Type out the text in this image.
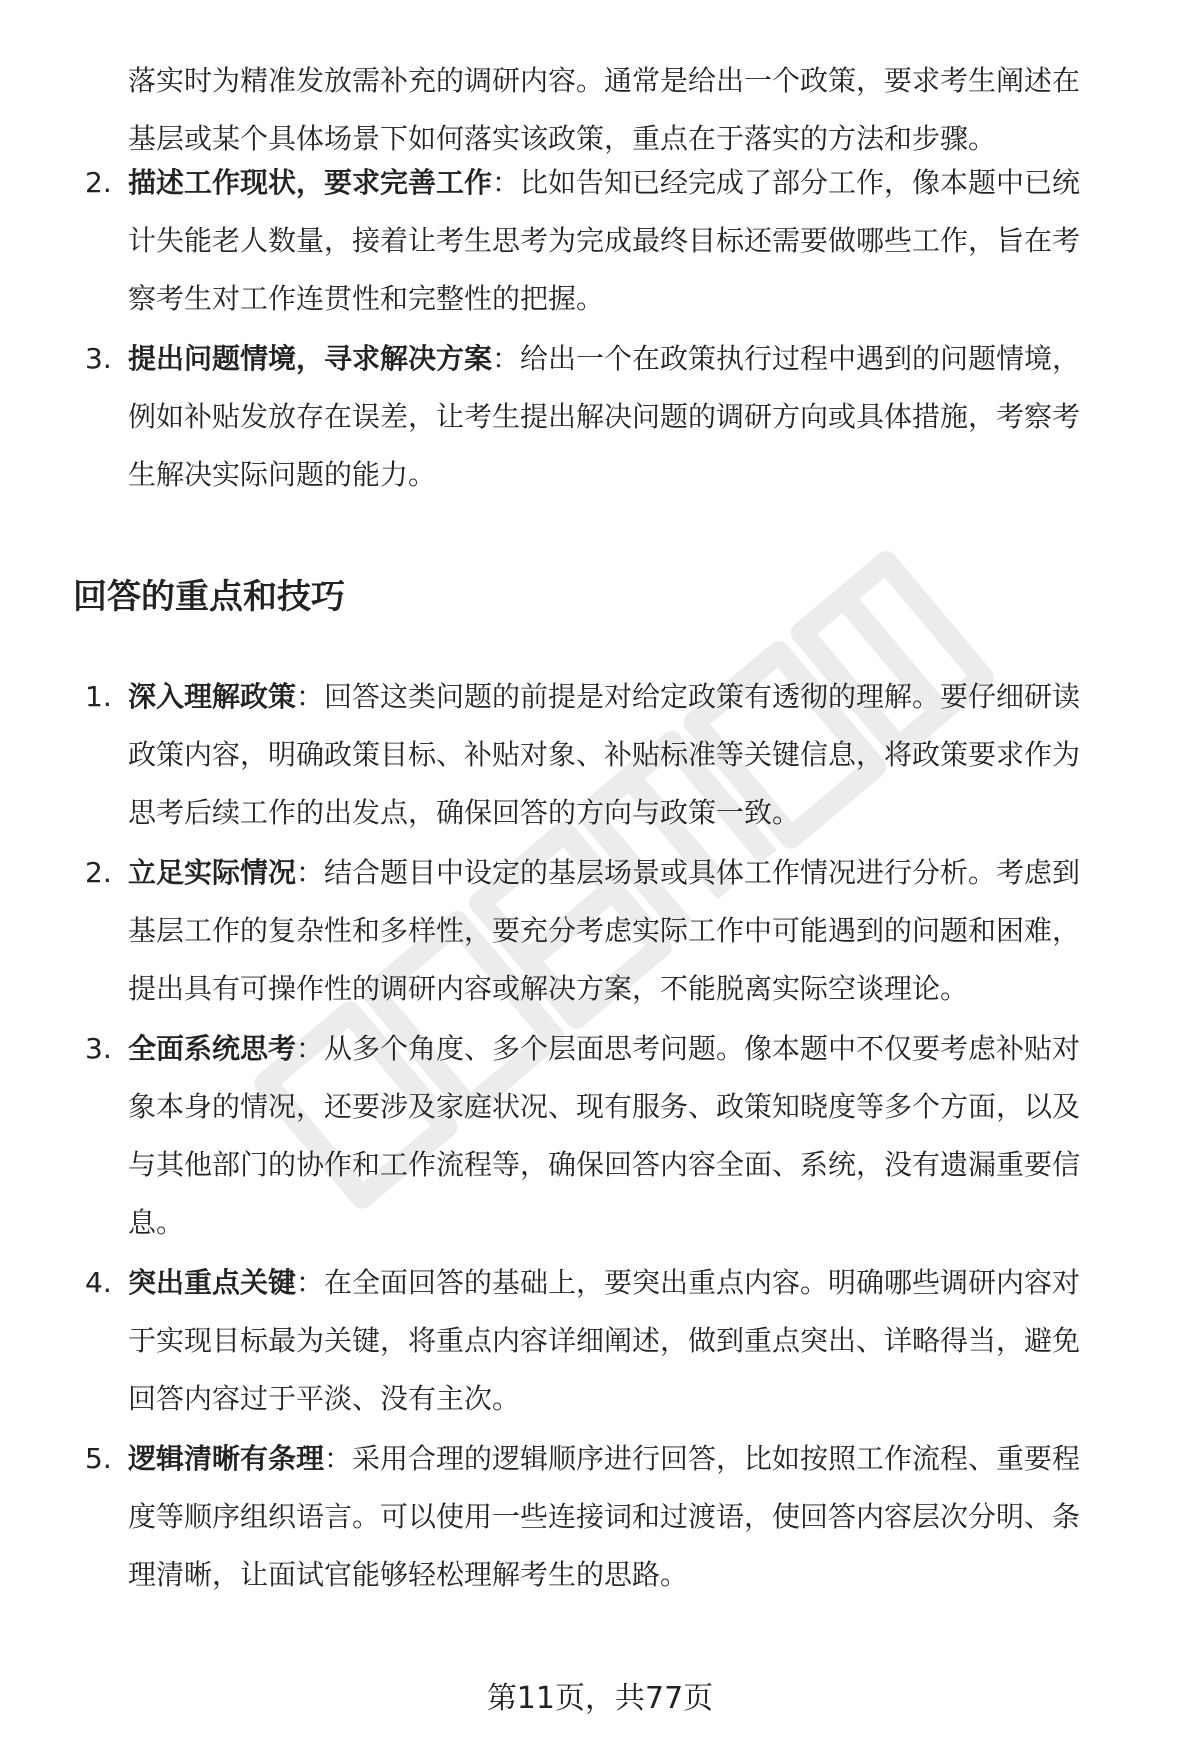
落实时为精准发放需补充的调研内容。通常是给出一个政策，要求考生阐述在
基层或某个具体场景下如何落实该政策，重点在于落实的方法和步骤。
2. 描述工作现状，要求完善工作：比如告知已经完成了部分工作，像本题中已统
计失能老人数量，接着让考生思考为完成最终目标还需要做哪些工作，旨在考
察考生对工作连贯性和完整性的把握。
3. 提出问题情境，寻求解决方案：给出一个在政策执行过程中遇到的问题情境，
例如补贴发放存在误差，让考生提出解决问题的调研方向或具体措施，考察考
生解决实际问题的能力。
回答的重点和技巧
1. 深入理解政策：回答这类问题的前提是对给定政策有透彻的理解。要仔细研读
政策内容，明确政策目标、补贴对象、补贴标准等关键信息，将政策要求作为
思考后续工作的出发点，确保回答的方向与政策一致。
2. 立足实际情况：结合题目中设定的基层场景或具体工作情况进行分析。考虑到
基层工作的复杂性和多样性，要充分考虑实际工作中可能遇到的问题和困难，
提出具有可操作性的调研内容或解决方案，不能脱离实际空谈理论。
3. 全面系统思考：从多个角度、多个层面思考问题。像本题中不仅要考虑补贴对
象本身的情况，还要涉及家庭状况、现有服务、政策知晓度等多个方面，以及
与其他部门的协作和工作流程等，确保回答内容全面、系统，没有遗漏重要信
息。
4. 突出重点关键：在全面回答的基础上，要突出重点内容。明确哪些调研内容对
于实现目标最为关键，将重点内容详细阐述，做到重点突出、详略得当，避免
回答内容过于平淡、没有主次。
5. 逻辑清晰有条理：采用合理的逻辑顺序进行回答，比如按照工作流程、重要程
度等顺序组织语言。可以使用一些连接词和过渡语，使回答内容层次分明、条
理清晰，让面试官能够轻松理解考生的思路。
第11页，共77页
